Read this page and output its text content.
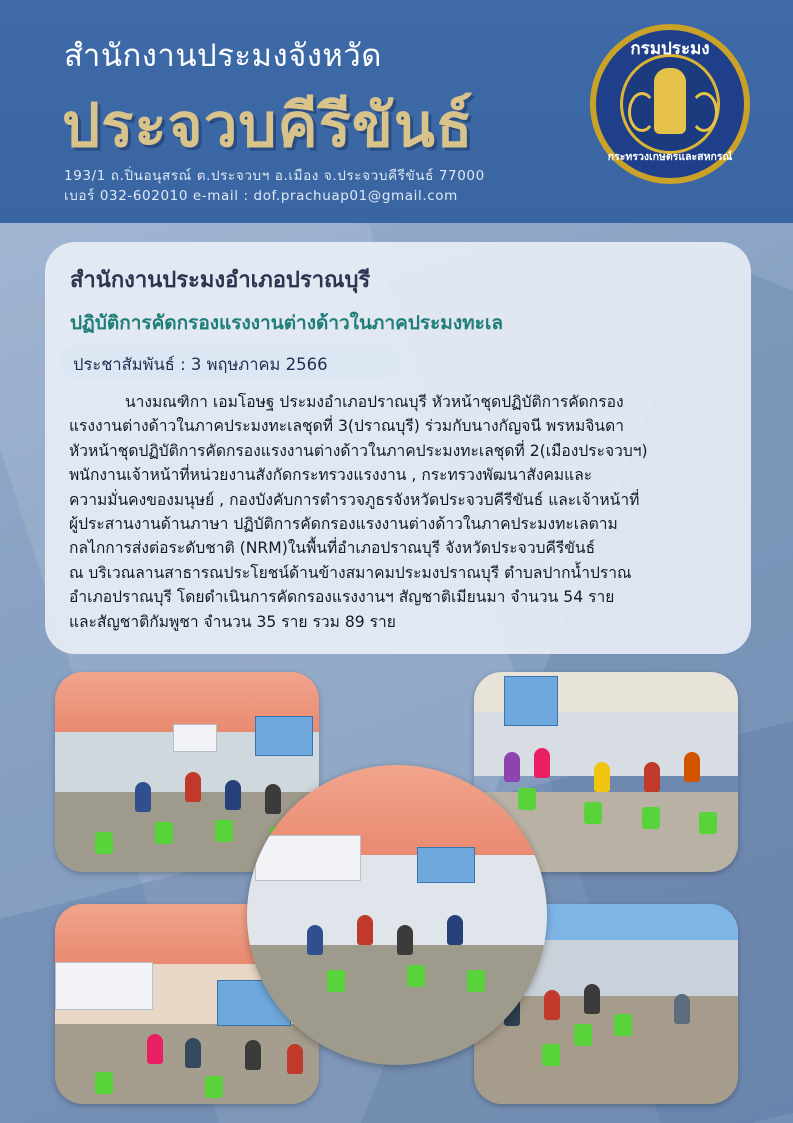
สำนักงานประมงจังหวัด
ประจวบคีรีขันธ์
193/1 ถ.ปิ่นอนุสรณ์ ต.ประจวบฯ อ.เมือง จ.ประจวบคีรีขันธ์ 77000
เบอร์ 032-602010 e-mail : dof.prachuap01@gmail.com
กรมประมง
กระทรวงเกษตรและสหกรณ์
สำนักงานประมงอำเภอปราณบุรี
ปฏิบัติการคัดกรองแรงงานต่างด้าวในภาคประมงทะเล
ประชาสัมพันธ์ : 3 พฤษภาคม 2566

นางมณฑิกา เอมโอษฐ ประมงอำเภอปราณบุรี หัวหน้าชุดปฏิบัติการคัดกรอง
แรงงานต่างด้าวในภาคประมงทะเลชุดที่ 3(ปราณบุรี) ร่วมกับนางกัญจนี พรหมจินดา
หัวหน้าชุดปฏิบัติการคัดกรองแรงงานต่างด้าวในภาคประมงทะเลชุดที่ 2(เมืองประจวบฯ)
พนักงานเจ้าหน้าที่หน่วยงานสังกัดกระทรวงแรงงาน , กระทรวงพัฒนาสังคมและ
ความมั่นคงของมนุษย์ , กองบังคับการตำรวจภูธรจังหวัดประจวบคีรีขันธ์ และเจ้าหน้าที่
ผู้ประสานงานด้านภาษา ปฏิบัติการคัดกรองแรงงานต่างด้าวในภาคประมงทะเลตาม
กลไกการส่งต่อระดับชาติ (NRM)ในพื้นที่อำเภอปราณบุรี จังหวัดประจวบคีรีขันธ์
ณ บริเวณลานสาธารณประโยชน์ด้านข้างสมาคมประมงปราณบุรี ตำบลปากน้ำปราณ
อำเภอปราณบุรี โดยดำเนินการคัดกรองแรงงานฯ สัญชาติเมียนมา จำนวน 54 ราย
และสัญชาติกัมพูชา จำนวน 35 ราย รวม 89 ราย
